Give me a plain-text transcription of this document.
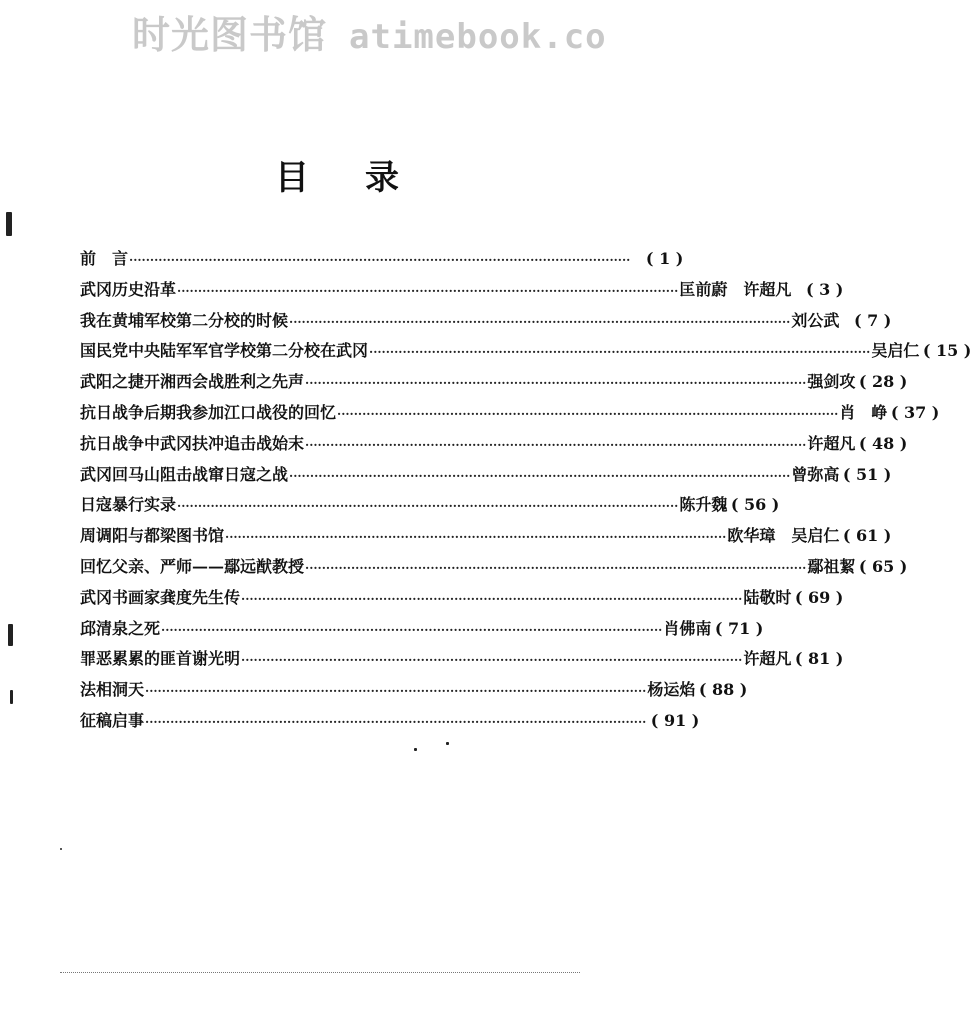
时光图书馆 atimebook.co
目录
前　言 ························································································································ ( 1 )
武冈历史沿革 ························································································································ 匡前蔚　许超凡 ( 3 )
我在黄埔军校第二分校的时候 ························································································································ 刘公武 ( 7 )
国民党中央陆军军官学校第二分校在武冈 ························································································································ 吴启仁 ( 15 )
武阳之捷开湘西会战胜利之先声 ························································································································ 强剑攻 ( 28 )
抗日战争后期我参加江口战役的回忆 ························································································································ 肖　峥 ( 37 )
抗日战争中武冈扶冲追击战始末 ························································································································ 许超凡 ( 48 )
武冈回马山阻击战窜日寇之战 ························································································································ 曾弥高 ( 51 )
日寇暴行实录 ························································································································ 陈升魏 ( 56 )
周调阳与都梁图书馆 ························································································································ 欧华璋　吴启仁 ( 61 )
回忆父亲、严师——鄢远猷教授 ························································································································ 鄢祖絜 ( 65 )
武冈书画家龚度先生传 ························································································································ 陆敬时 ( 69 )
邱清泉之死 ························································································································ 肖佛南 ( 71 )
罪恶累累的匪首谢光明 ························································································································ 许超凡 ( 81 )
法相洞天 ························································································································ 杨运焰 ( 88 )
征稿启事 ························································································································ ( 91 )
